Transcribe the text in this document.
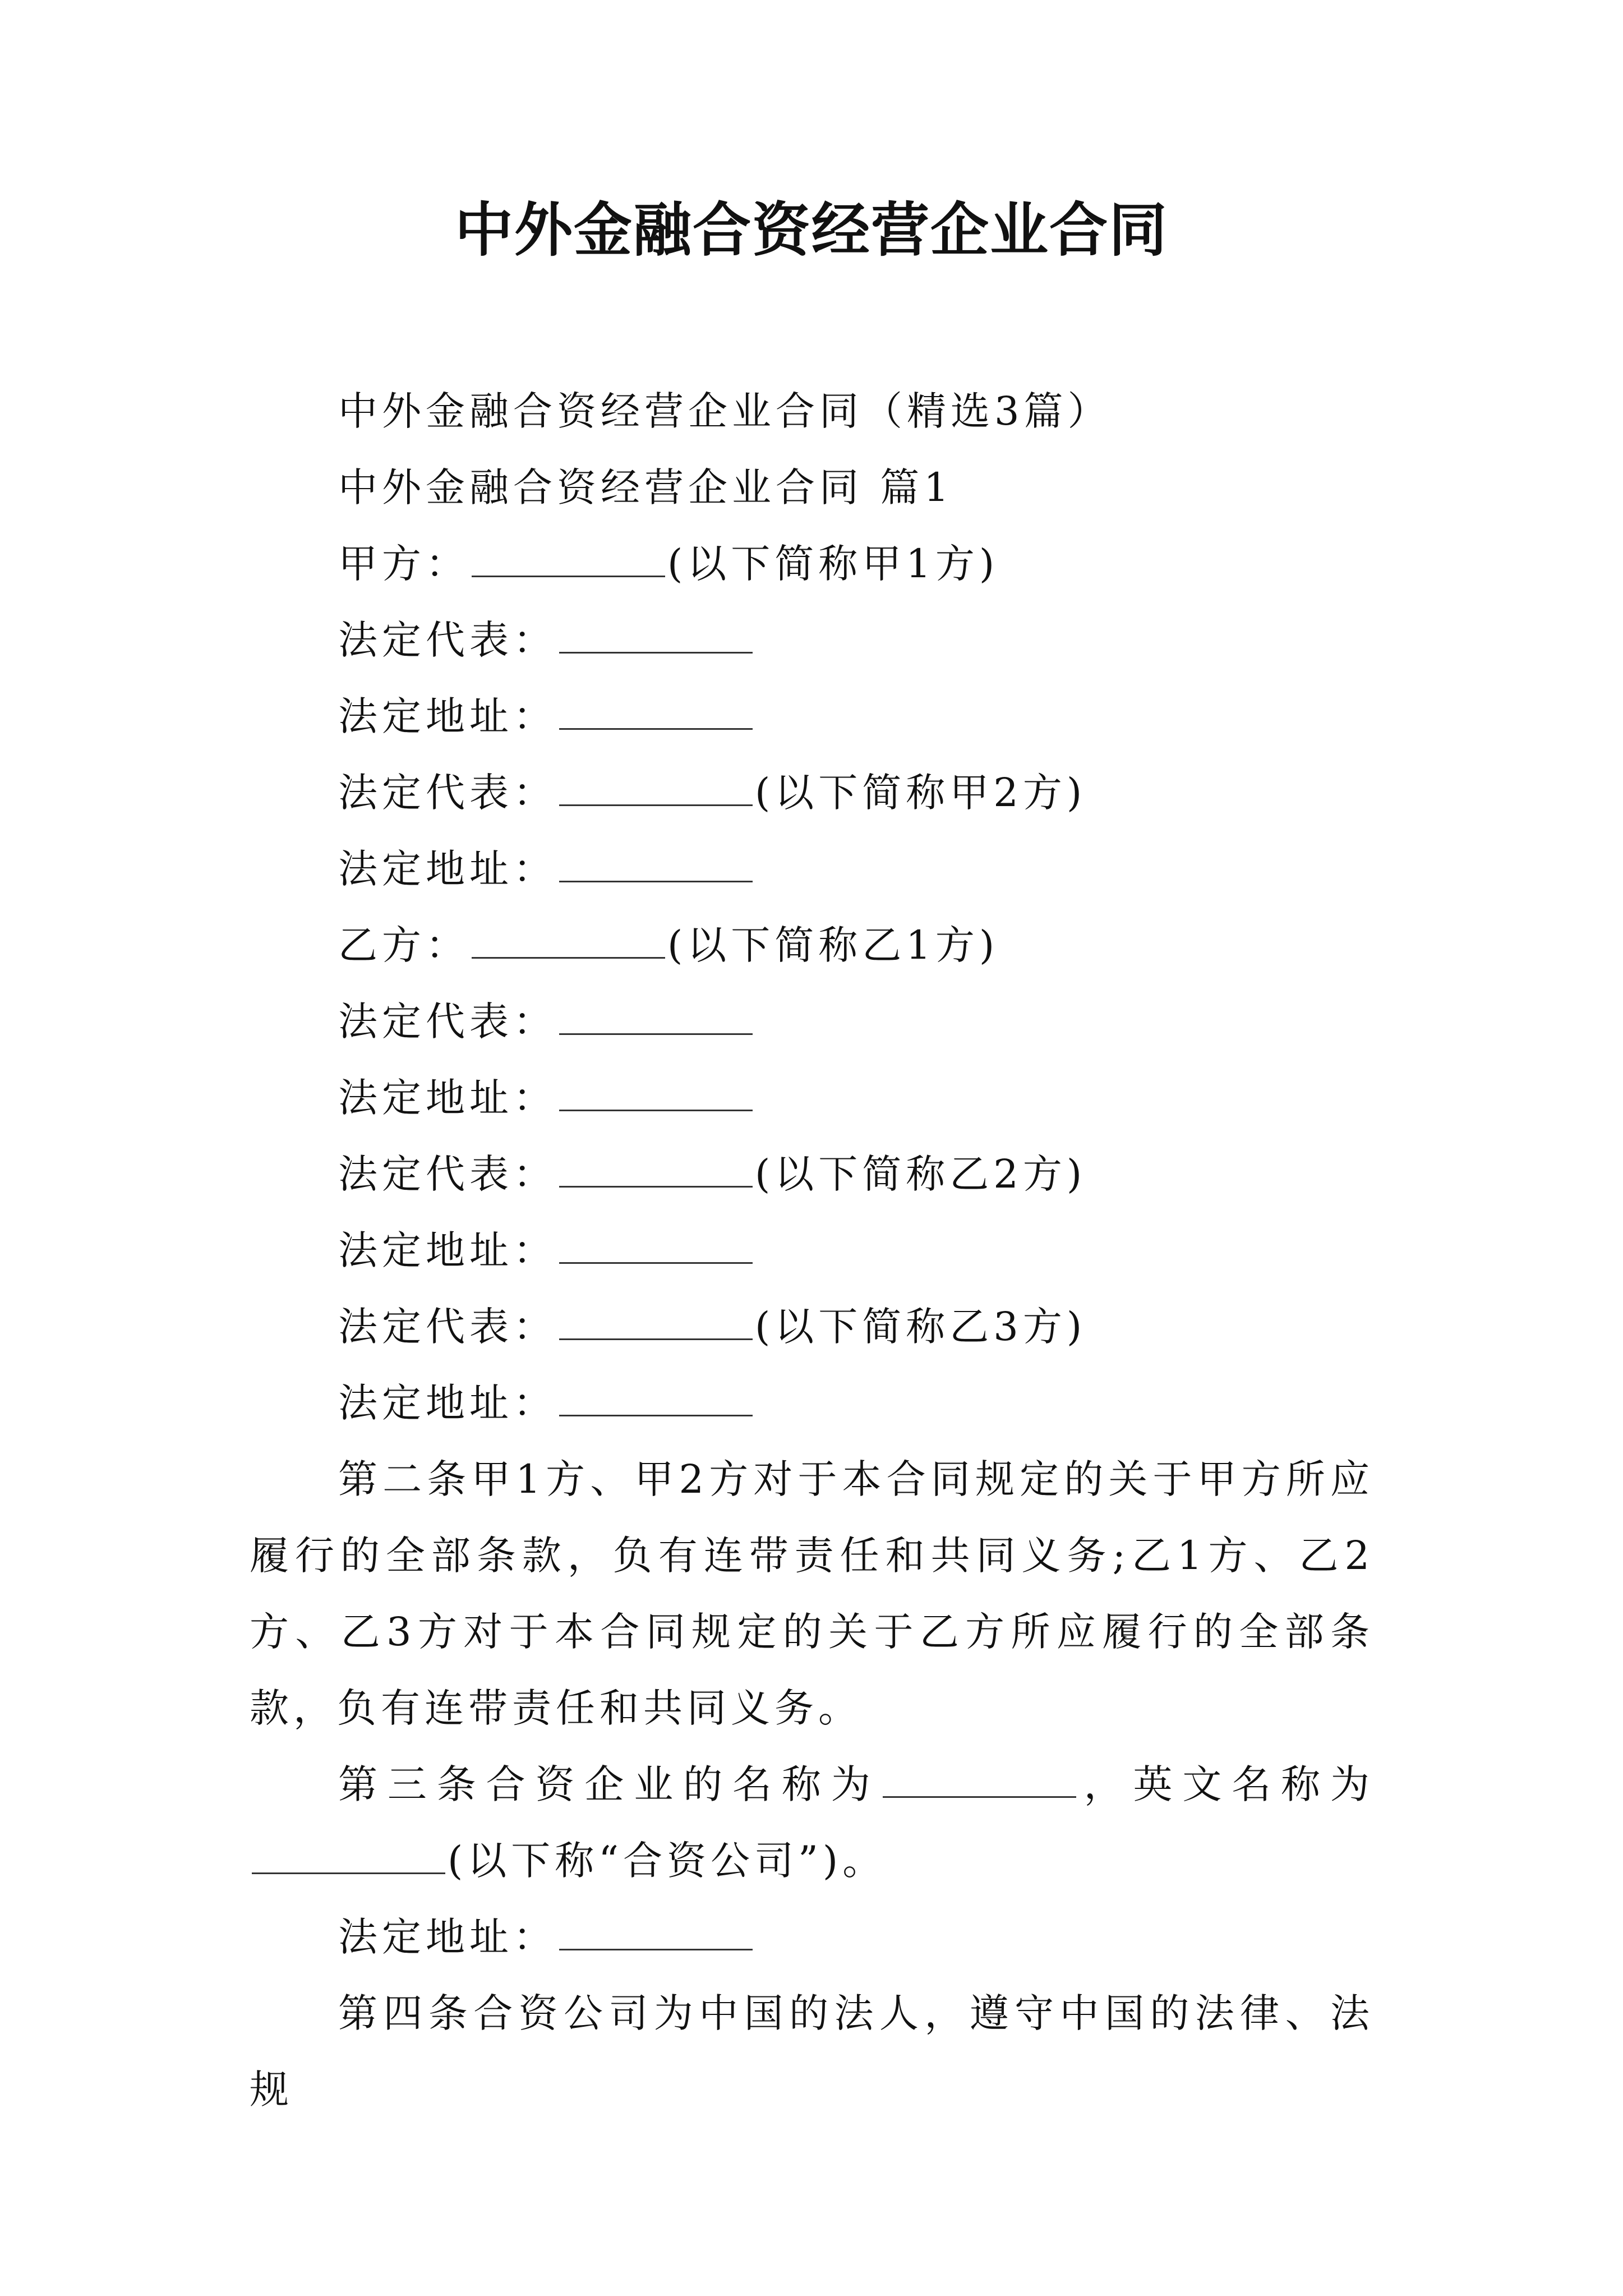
中外金融合资经营企业合同
中外金融合资经营企业合同（精选3篇）
中外金融合资经营企业合同 篇1
甲方：	(以下简称甲1方)
法定代表：
法定地址：
法定代表：	(以下简称甲2方)
法定地址：
乙方：	(以下简称乙1方)
法定代表：
法定地址：
法定代表：	(以下简称乙2方)
法定地址：
法定代表：	(以下简称乙3方)
法定地址：
第二条甲1方、甲2方对于本合同规定的关于甲方所应履行的全部条款，负有连带责任和共同义务;乙1方、乙2方、乙3方对于本合同规定的关于乙方所应履行的全部条款，负有连带责任和共同义务。
第三条合资企业的名称为	，英文名称为(以下称“合资公司”)。
法定地址：
第四条合资公司为中国的法人，遵守中国的法律、法规
